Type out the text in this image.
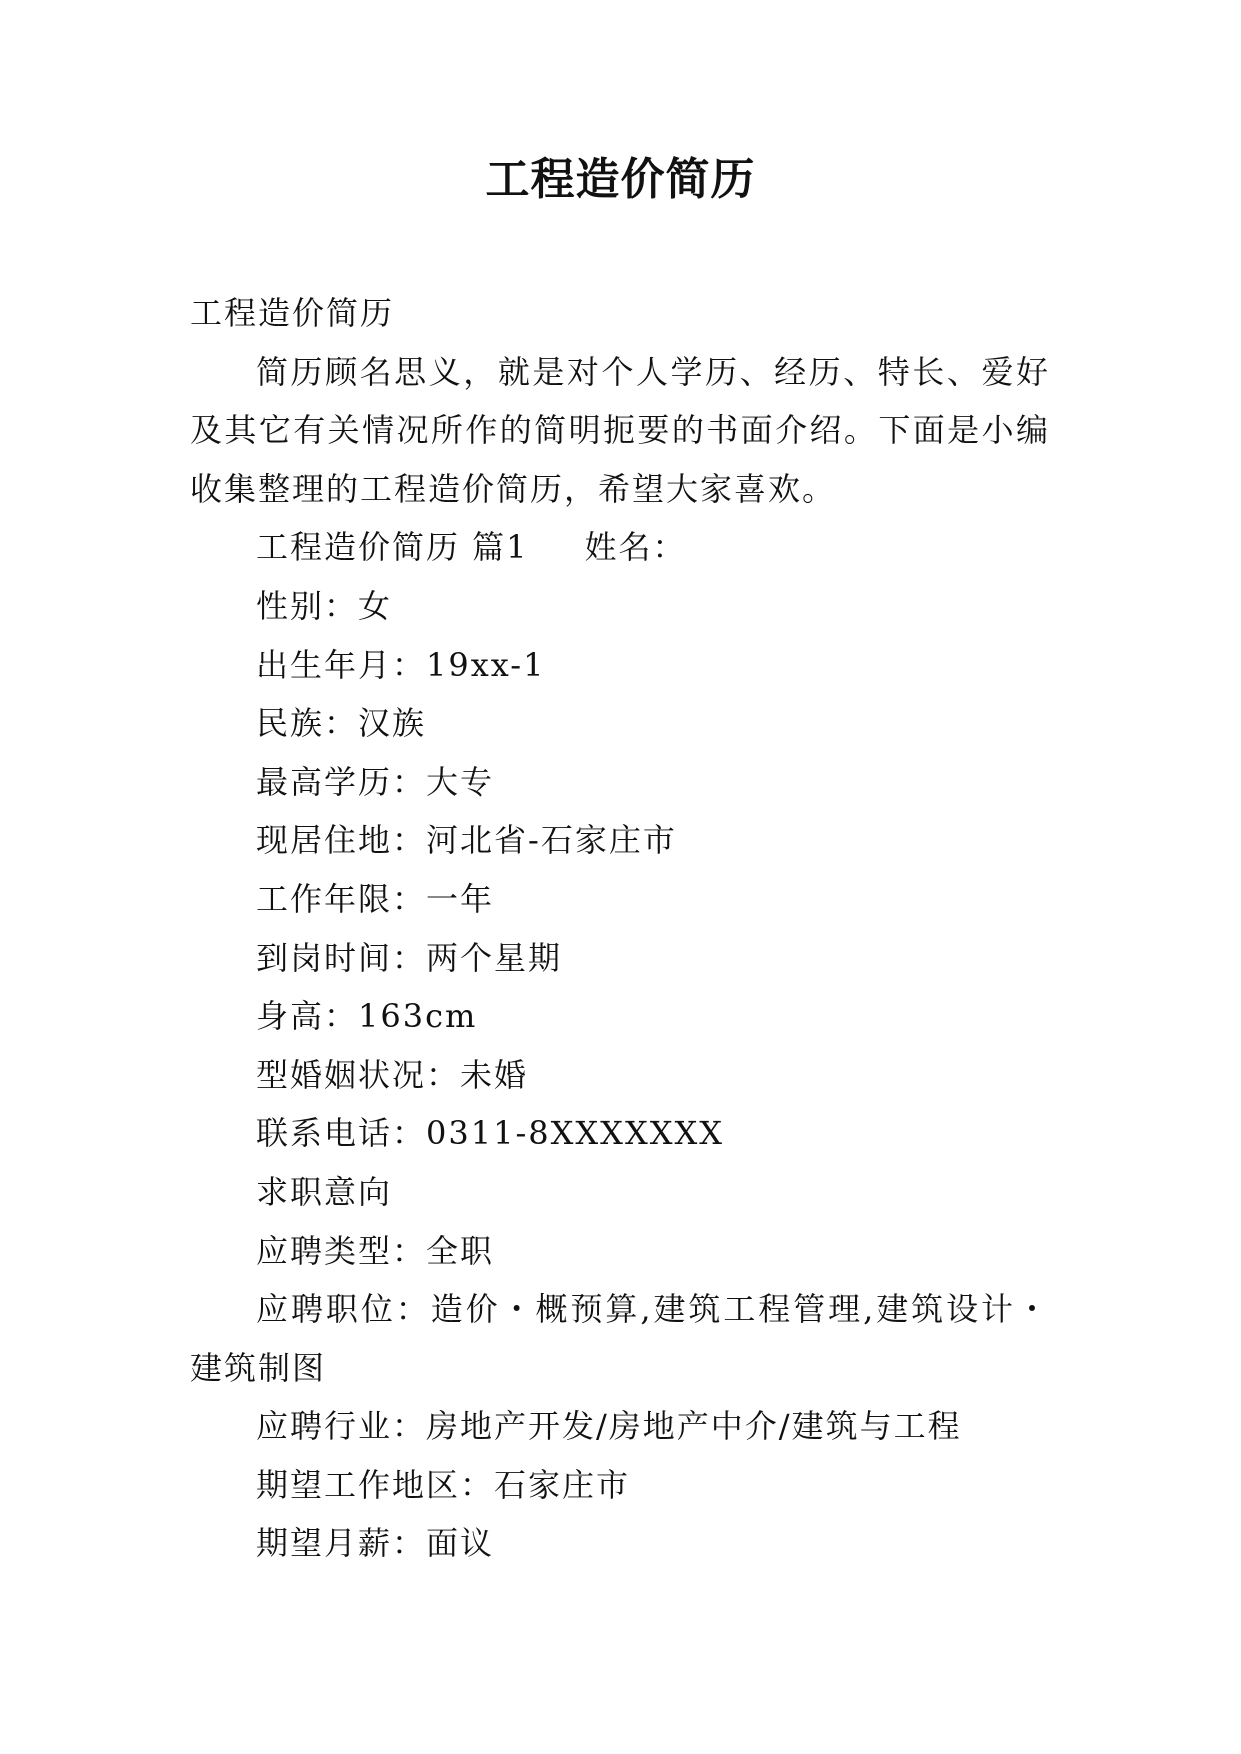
工程造价简历
工程造价简历
简历顾名思义，就是对个人学历、经历、特长、爱好及其它有关情况所作的简明扼要的书面介绍。下面是小编收集整理的工程造价简历，希望大家喜欢。
工程造价简历 篇1 姓名：
性别：女
出生年月：19xx-1
民族：汉族
最高学历：大专
现居住地：河北省-石家庄市
工作年限：一年
到岗时间：两个星期
身高：163cm
型婚姻状况：未婚
联系电话：0311-8XXXXXXX
求职意向
应聘类型：全职
应聘职位：造价・概预算,建筑工程管理,建筑设计・建筑制图
应聘行业：房地产开发/房地产中介/建筑与工程
期望工作地区：石家庄市
期望月薪：面议
